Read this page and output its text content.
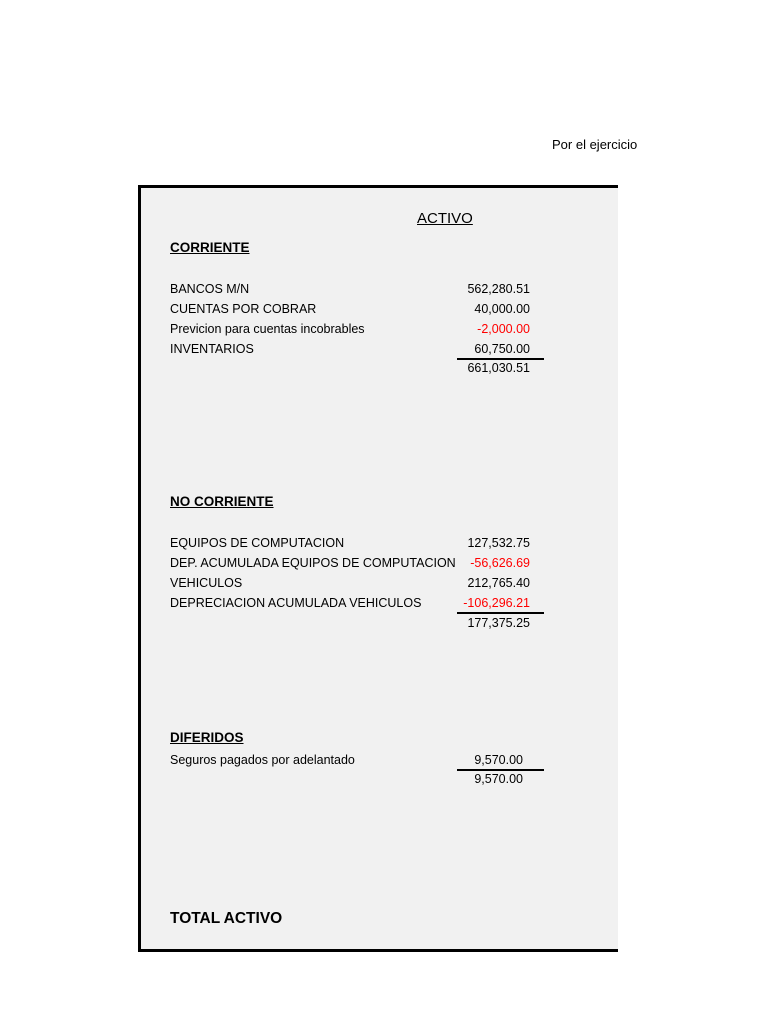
Por el ejercicio
ACTIVO
CORRIENTE
BANCOS M/N	562,280.51
CUENTAS POR COBRAR	40,000.00
Previcion para cuentas incobrables	-2,000.00
INVENTARIOS	60,750.00
661,030.51
NO CORRIENTE
EQUIPOS DE COMPUTACION	127,532.75
DEP. ACUMULADA EQUIPOS DE COMPUTACION -56,626.69
VEHICULOS	212,765.40
DEPRECIACION ACUMULADA VEHICULOS	-106,296.21
177,375.25
DIFERIDOS
Seguros pagados por adelantado	9,570.00
9,570.00
TOTAL ACTIVO
